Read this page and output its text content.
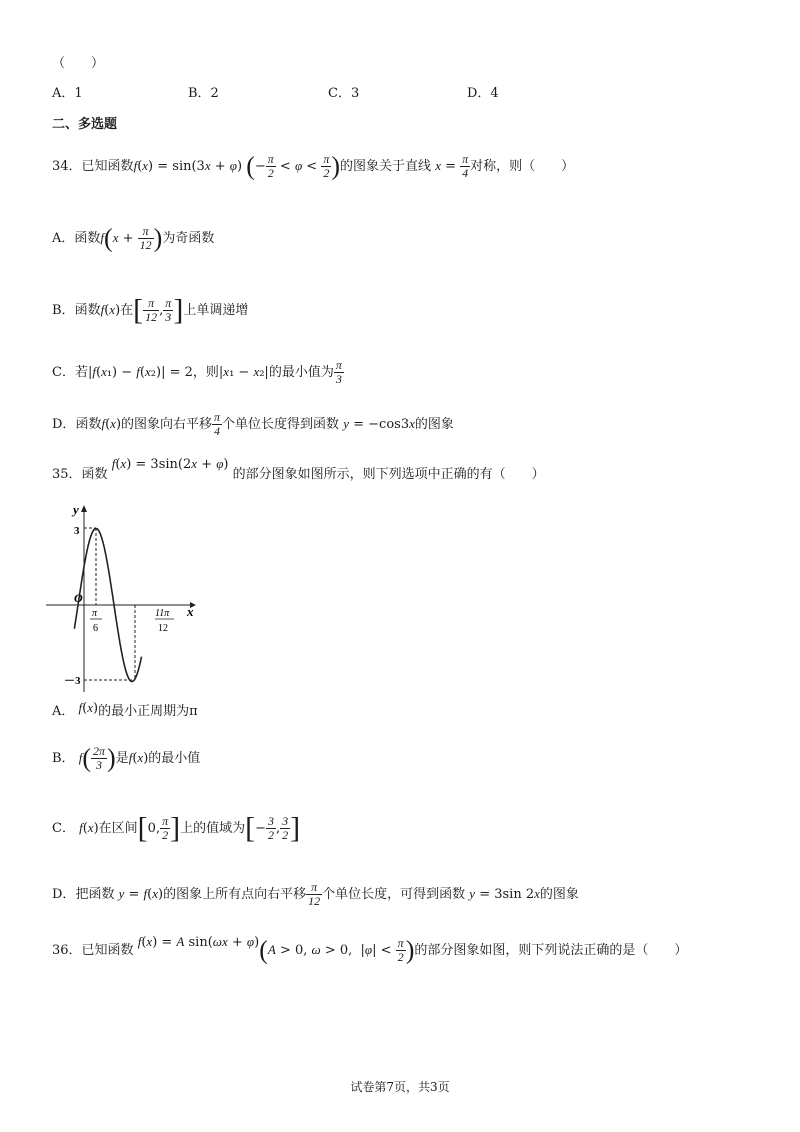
（　　）
A．1	B．2	C．3	D．4
二、多选题
34．已知函数f(x) = sin(3x + φ) (− $\frac{\pi}{2} < \varphi < \frac{\pi}{2}$ )的图象关于直线 $x = \frac{\pi}{4}$ 对称，则（　　）
A．函数$f(x + \frac{\pi}{12}$ )为奇函数
B．函数f(x)在[ $\frac{\pi}{12}$ , $\frac{\pi}{3}$ ]上单调递增
C．若|f(x₁) − f(x₂)| = 2，则|x₁ − x₂|的最小值为 $\frac{\pi}{3}$
D．函数f(x)的图象向右平移 $\frac{\pi}{4}$ 个单位长度得到函数 y = −cos3x的图象
35．函数 f(x) = 3sin(2x + φ) 的部分图象如图所示，则下列选项中正确的有（　　）
y
x
O
3
－3
π
6
11π
12
A． f(x)的最小正周期为π
B． $f( \frac{2\pi}{3}$ )是f(x)的最小值
C． f(x)在区间[0, $\frac{\pi}{2}$ ]上的值域为[− $\frac{3}{2}$ , $\frac{3}{2}$ ]
D．把函数 y = f(x)的图象上所有点向右平移 $\frac{\pi}{12}$ 个单位长度，可得到函数 y = 3sin 2x的图象
36．已知函数 f(x) = A sin(ωx + φ)(A > 0, ω > 0,  $|\varphi| < \frac{\pi}{2}$ )的部分图象如图，则下列说法正确的是（　　）
试卷第7页，共3页
